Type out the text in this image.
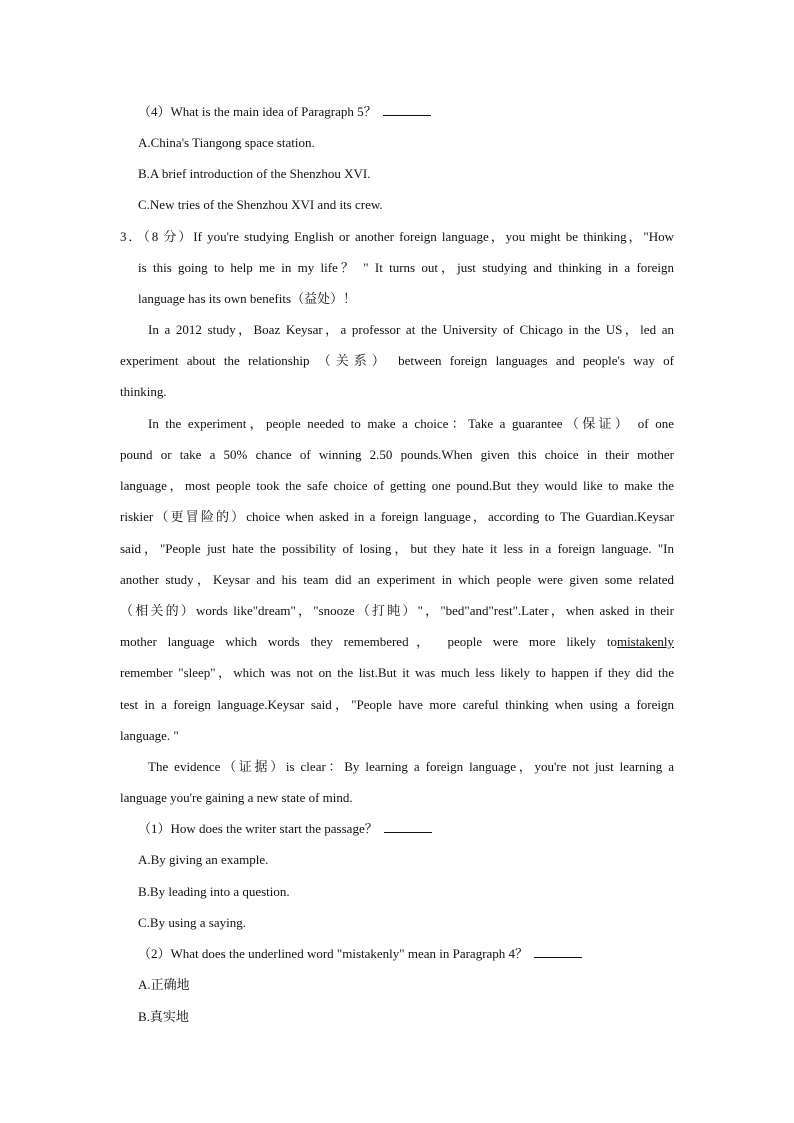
（4）What is the main idea of Paragraph 5？
A.China's Tiangong space station.
B.A brief introduction of the Shenzhou XVI.
C.New tries of the Shenzhou XVI and its crew.
3．（8 分）If you're studying English or another foreign language，you might be thinking，"How
is this going to help me in my life？ " It turns out，just studying and thinking in a foreign
language has its own benefits（益处）！
In a 2012 study，Boaz Keysar，a professor at the University of Chicago in the US，led an
experiment about the relationship （关系） between foreign languages and people's way of
thinking.
In the experiment，people needed to make a choice：Take a guarantee（保证） of one
pound or take a 50% chance of winning 2.50 pounds.When given this choice in their mother
language，most people took the safe choice of getting one pound.But they would like to make the
riskier（更冒险的）choice when asked in a foreign language，according to The Guardian.Keysar
said，"People just hate the possibility of losing，but they hate it less in a foreign language. "In
another study，Keysar and his team did an experiment in which people were given some related
（相关的）words like"dream"，"snooze（打盹）"，"bed"and"rest".Later，when asked in their
mother language which words they remembered， people were more likely to mistakenly
remember "sleep"，which was not on the list.But it was much less likely to happen if they did the
test in a foreign language.Keysar said，"People have more careful thinking when using a foreign
language. "
The evidence（证据）is clear：By learning a foreign language，you're not just learning a
language you're gaining a new state of mind.
（1）How does the writer start the passage？
A.By giving an example.
B.By leading into a question.
C.By using a saying.
（2）What does the underlined word "mistakenly" mean in Paragraph 4？
A.正确地
B.真实地
